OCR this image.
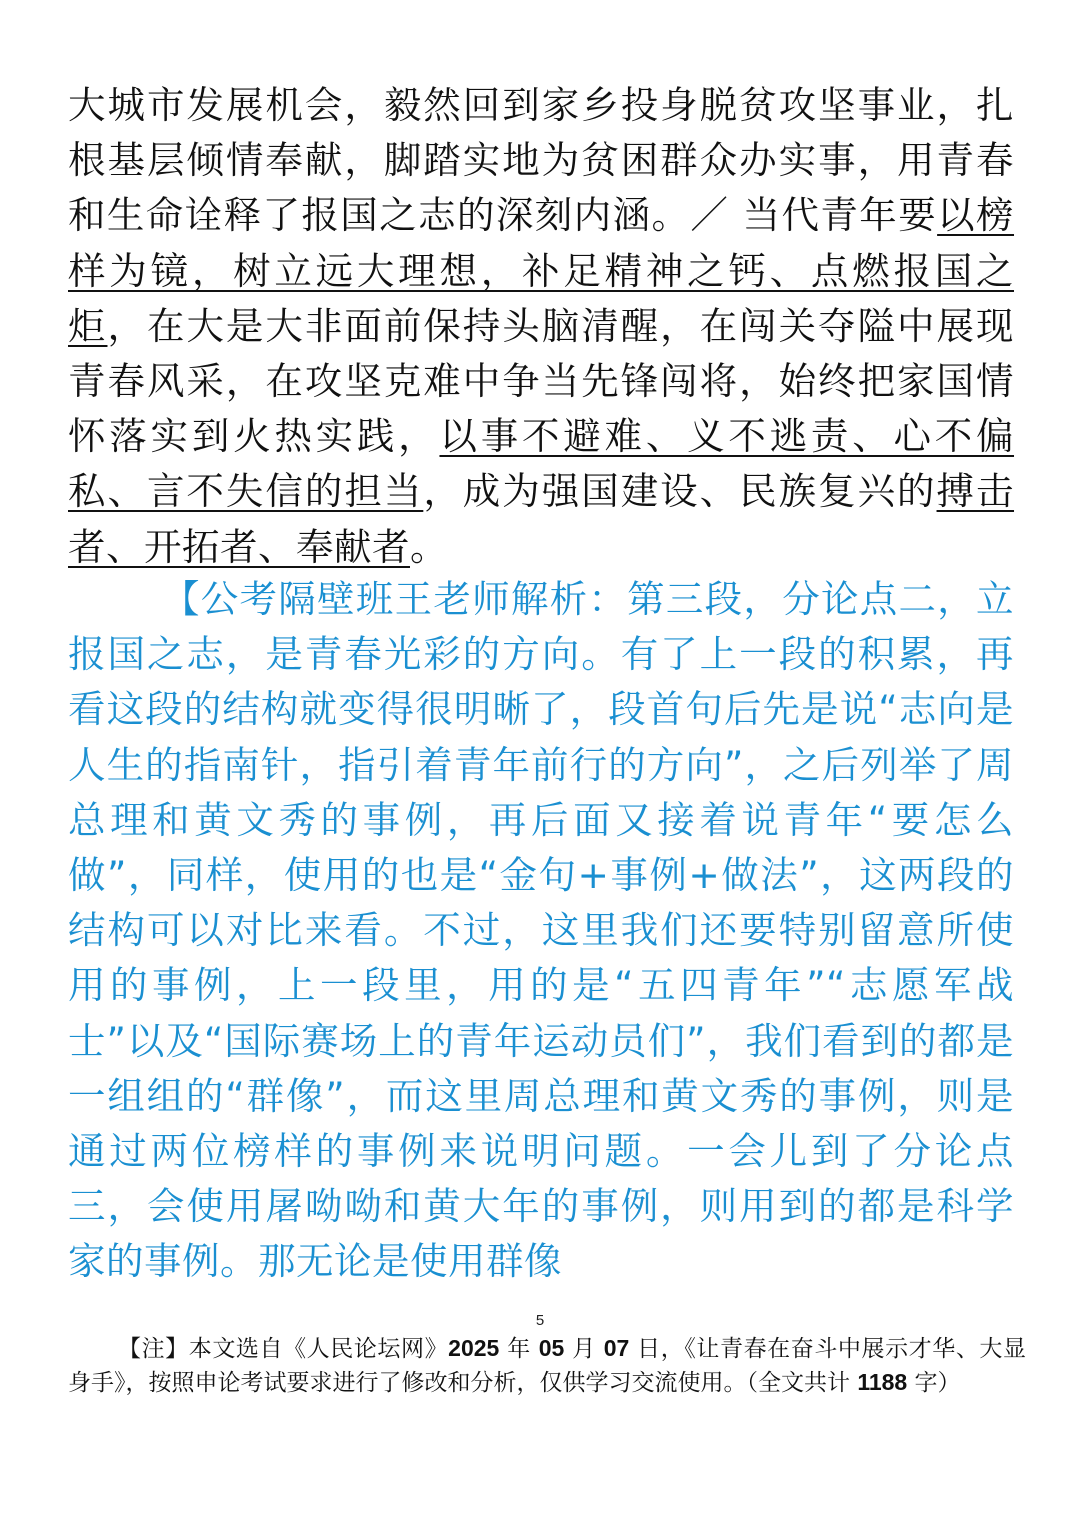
大城市发展机会，毅然回到家乡投身脱贫攻坚事业，扎根基层倾情奉献，脚踏实地为贫困群众办实事，用青春和生命诠释了报国之志的深刻内涵。／ 当代青年要以榜样为镜，树立远大理想，补足精神之钙、点燃报国之炬，在大是大非面前保持头脑清醒，在闯关夺隘中展现青春风采，在攻坚克难中争当先锋闯将，始终把家国情怀落实到火热实践，以事不避难、义不逃责、心不偏私、言不失信的担当，成为强国建设、民族复兴的搏击者、开拓者、奉献者。
【公考隔壁班王老师解析：第三段，分论点二，立报国之志，是青春光彩的方向。有了上一段的积累，再看这段的结构就变得很明晰了，段首句后先是说“志向是人生的指南针，指引着青年前行的方向”，之后列举了周总理和黄文秀的事例，再后面又接着说青年“要怎么做”，同样，使用的也是“金句+事例+做法”，这两段的结构可以对比来看。不过，这里我们还要特别留意所使用的事例，上一段里，用的是“五四青年”“志愿军战士”以及“国际赛场上的青年运动员们”，我们看到的都是一组组的“群像”，而这里周总理和黄文秀的事例，则是通过两位榜样的事例来说明问题。一会儿到了分论点三，会使用屠呦呦和黄大年的事例，则用到的都是科学家的事例。那无论是使用群像
5
【注】本文选自《人民论坛网》2025 年 05 月 07 日，《让青春在奋斗中展示才华、大显身手》，按照申论考试要求进行了修改和分析，仅供学习交流使用。（全文共计 1188 字）
